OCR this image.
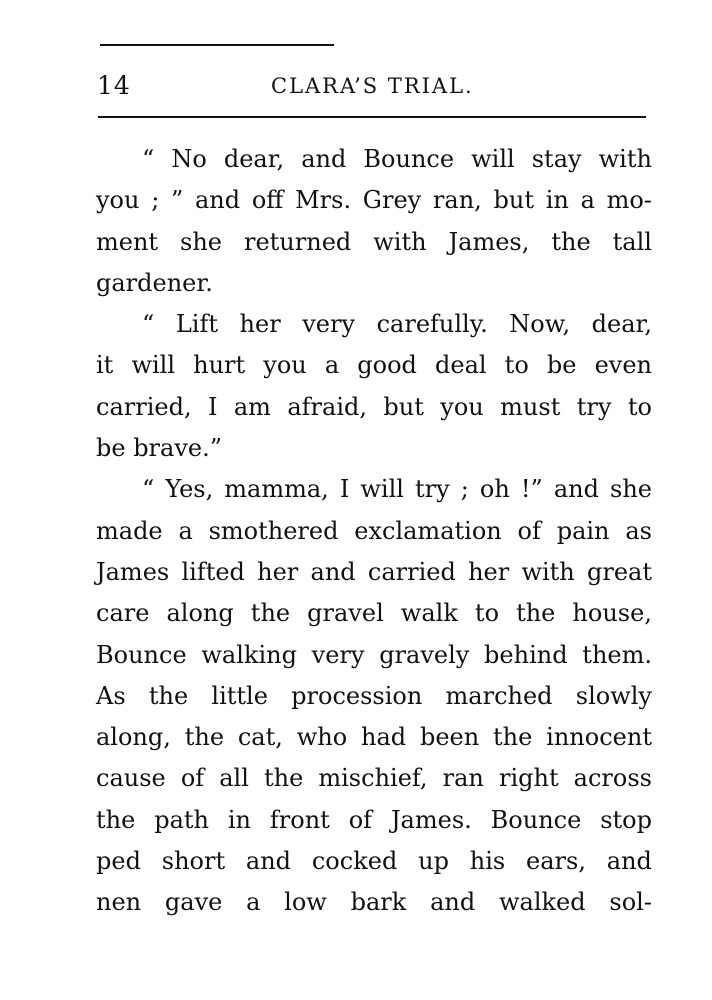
14	CLARA’S TRIAL.
“ No dear, and Bounce will stay with
you ; ” and off Mrs. Grey ran, but in a mo-
ment she returned with James, the tall
gardener.
“ Lift her very carefully. Now, dear,
it will hurt you a good deal to be even
carried, I am afraid, but you must try to
be brave.”
“ Yes, mamma, I will try ; oh !” and she
made a smothered exclamation of pain as
James lifted her and carried her with great
care along the gravel walk to the house,
Bounce walking very gravely behind them.
As the little procession marched slowly
along, the cat, who had been the innocent
cause of all the mischief, ran right across
the path in front of James. Bounce stop
ped short and cocked up his ears, and
nen gave a low bark and walked sol-
